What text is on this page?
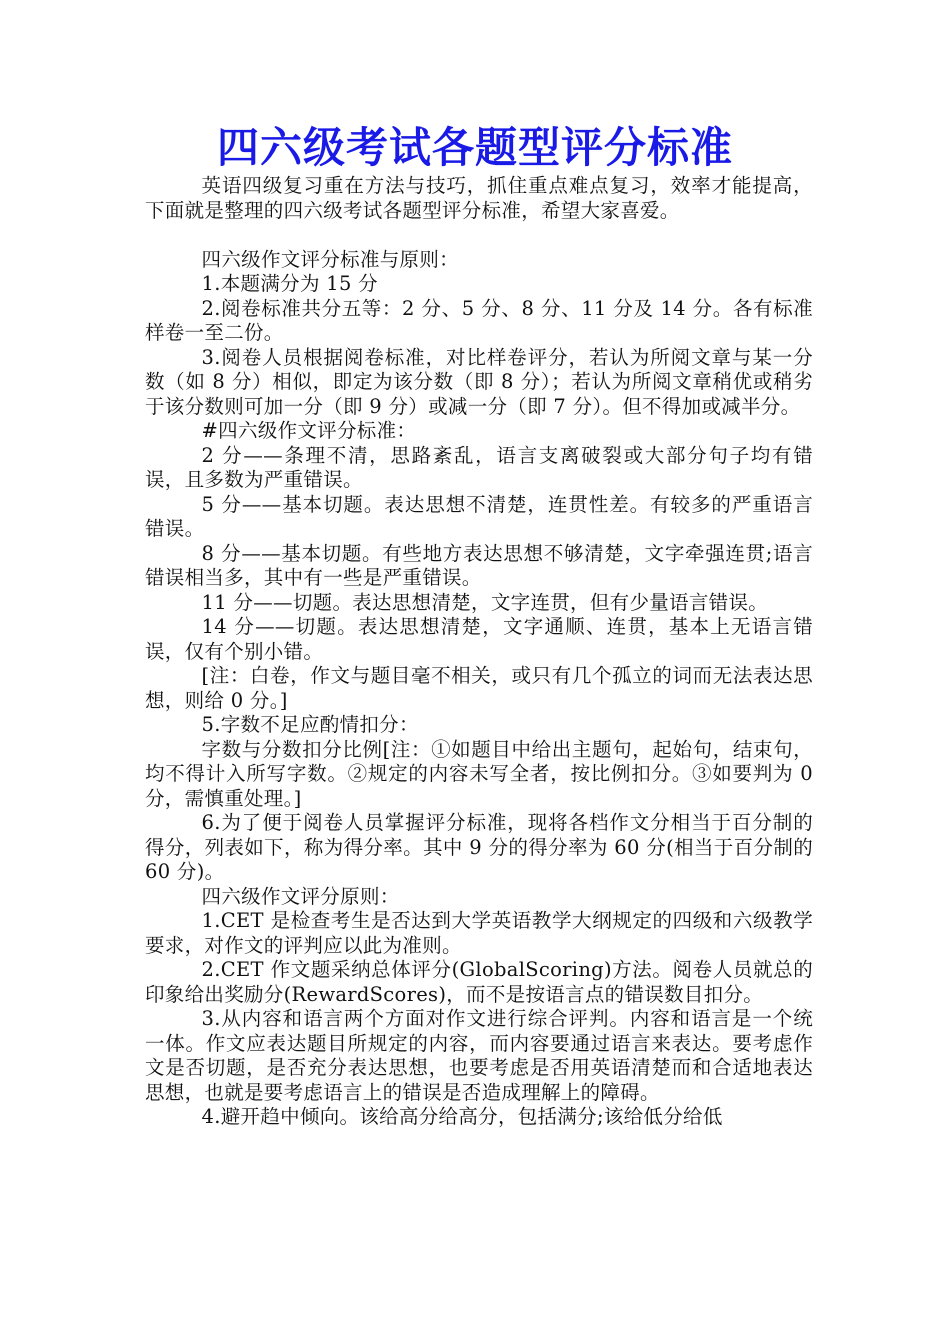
四六级考试各题型评分标准

英语四级复习重在方法与技巧，抓住重点难点复习，效率才能提高，下面就是整理的四六级考试各题型评分标准，希望大家喜爱。

四六级作文评分标准与原则：

1.本题满分为 15 分

2.阅卷标准共分五等：2 分、5 分、8 分、11 分及 14 分。各有标准样卷一至二份。

3.阅卷人员根据阅卷标准，对比样卷评分，若认为所阅文章与某一分数（如 8 分）相似，即定为该分数（即 8 分）；若认为所阅文章稍优或稍劣于该分数则可加一分（即 9 分）或减一分（即 7 分）。但不得加或减半分。

#四六级作文评分标准：

2 分——条理不清，思路紊乱，语言支离破裂或大部分句子均有错误，且多数为严重错误。

5 分——基本切题。表达思想不清楚，连贯性差。有较多的严重语言错误。

8 分——基本切题。有些地方表达思想不够清楚，文字牵强连贯;语言错误相当多，其中有一些是严重错误。

11 分——切题。表达思想清楚，文字连贯，但有少量语言错误。

14 分——切题。表达思想清楚，文字通顺、连贯，基本上无语言错误，仅有个别小错。

[注：白卷，作文与题目毫不相关，或只有几个孤立的词而无法表达思想，则给 0 分。]

5.字数不足应酌情扣分：

字数与分数扣分比例[注：①如题目中给出主题句，起始句，结束句，均不得计入所写字数。②规定的内容未写全者，按比例扣分。③如要判为 0 分，需慎重处理。]

6.为了便于阅卷人员掌握评分标准，现将各档作文分相当于百分制的得分，列表如下，称为得分率。其中 9 分的得分率为 60 分(相当于百分制的 60 分)。

四六级作文评分原则：

1.CET 是检查考生是否达到大学英语教学大纲规定的四级和六级教学要求，对作文的评判应以此为准则。

2.CET 作文题采纳总体评分(GlobalScoring)方法。阅卷人员就总的印象给出奖励分(RewardScores)，而不是按语言点的错误数目扣分。

3.从内容和语言两个方面对作文进行综合评判。内容和语言是一个统一体。作文应表达题目所规定的内容，而内容要通过语言来表达。要考虑作文是否切题，是否充分表达思想，也要考虑是否用英语清楚而和合适地表达思想，也就是要考虑语言上的错误是否造成理解上的障碍。

4.避开趋中倾向。该给高分给高分，包括满分;该给低分给低
